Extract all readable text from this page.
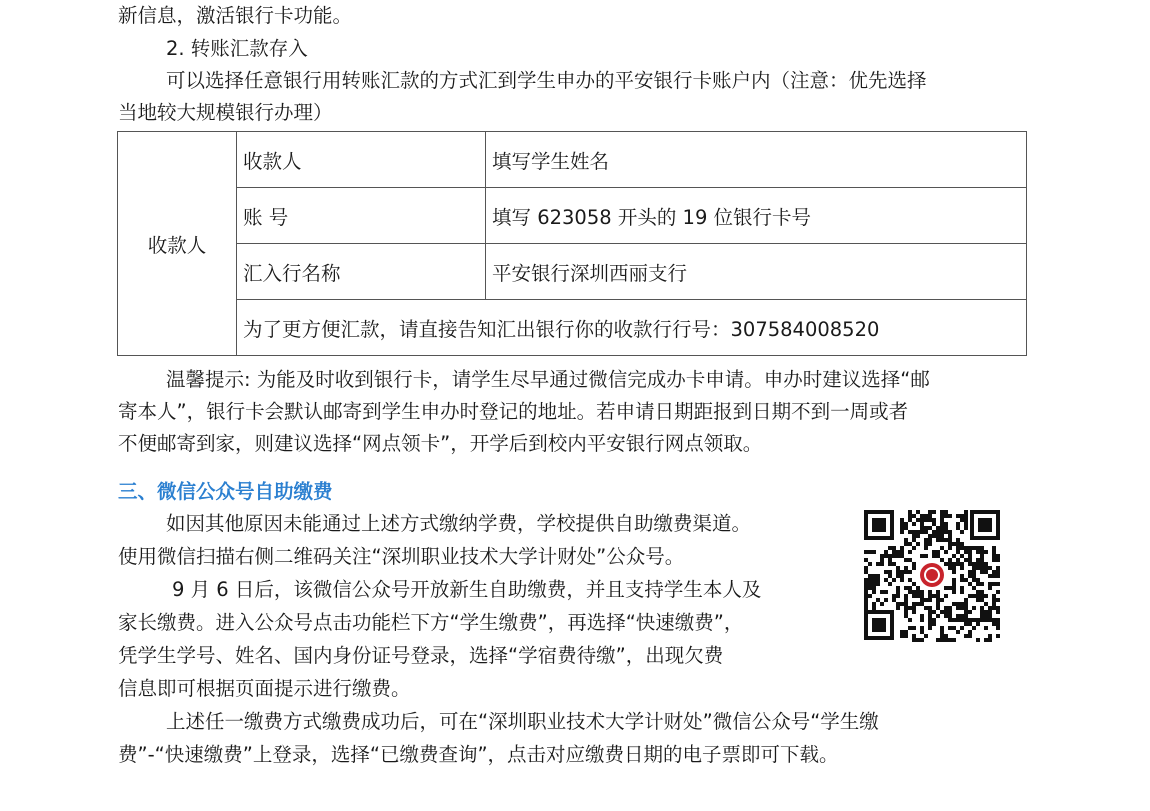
新信息，激活银行卡功能。
2. 转账汇款存入
可以选择任意银行用转账汇款的方式汇到学生申办的平安银行卡账户内（注意：优先选择
当地较大规模银行办理）
收款人	收款人	填写学生姓名
	账 号	填写 623058 开头的 19 位银行卡号
	汇入行名称	平安银行深圳西丽支行
	为了更方便汇款，请直接告知汇出银行你的收款行行号：307584008520	
温馨提示: 为能及时收到银行卡，请学生尽早通过微信完成办卡申请。申办时建议选择“邮
寄本人”，银行卡会默认邮寄到学生申办时登记的地址。若申请日期距报到日期不到一周或者
不便邮寄到家，则建议选择“网点领卡”，开学后到校内平安银行网点领取。
三、微信公众号自助缴费
如因其他原因未能通过上述方式缴纳学费，学校提供自助缴费渠道。
使用微信扫描右侧二维码关注“深圳职业技术大学计财处”公众号。
9 月 6 日后，该微信公众号开放新生自助缴费，并且支持学生本人及
家长缴费。进入公众号点击功能栏下方“学生缴费”，再选择“快速缴费”，
凭学生学号、姓名、国内身份证号登录，选择“学宿费待缴”，出现欠费
信息即可根据页面提示进行缴费。
上述任一缴费方式缴费成功后，可在“深圳职业技术大学计财处”微信公众号“学生缴
费”-“快速缴费”上登录，选择“已缴费查询”，点击对应缴费日期的电子票即可下载。
